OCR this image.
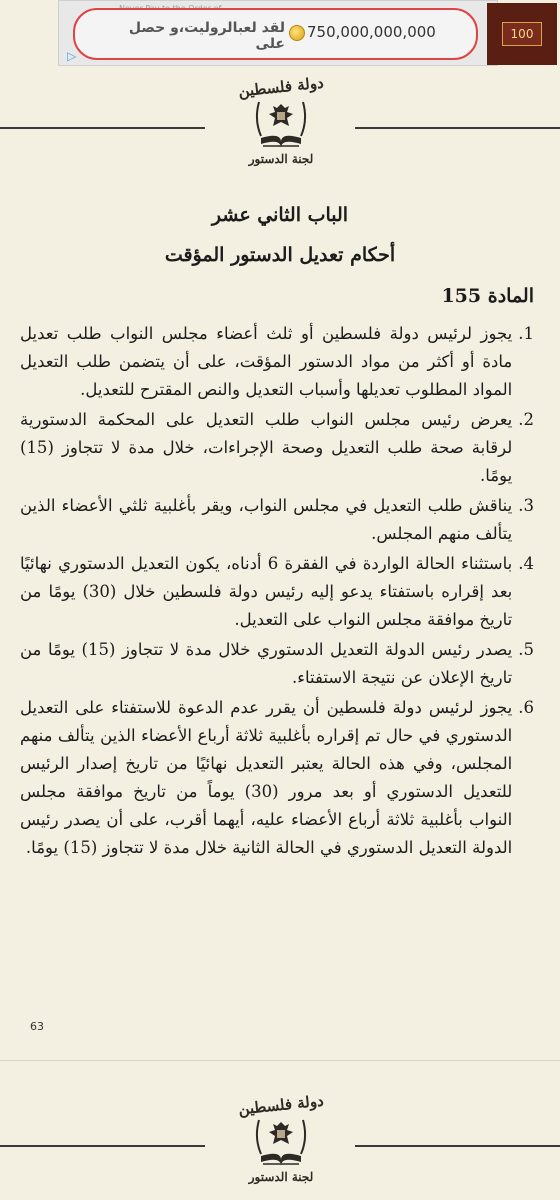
لقد لعبالرولیت،و حصل على
750,000,000,000
▷
100
دولة فلسطين
لجنة الدستور
الباب الثاني عشر
أحكام تعديل الدستور المؤقت
المادة 155
1.
يجوز لرئيس دولة فلسطين أو ثلث أعضاء مجلس النواب طلب تعديل مادة أو أكثر من مواد الدستور المؤقت، على أن يتضمن طلب التعديل المواد المطلوب تعديلها وأسباب التعديل والنص المقترح للتعديل.
2.
يعرض رئيس مجلس النواب طلب التعديل على المحكمة الدستورية لرقابة صحة طلب التعديل وصحة الإجراءات، خلال مدة لا تتجاوز (15) يومًا.
3.
يناقش طلب التعديل في مجلس النواب، ويقر بأغلبية ثلثي الأعضاء الذين يتألف منهم المجلس.
4.
باستثناء الحالة الواردة في الفقرة 6 أدناه، يكون التعديل الدستوري نهائيًا بعد إقراره باستفتاء يدعو إليه رئيس دولة فلسطين خلال (30) يومًا من تاريخ موافقة مجلس النواب على التعديل.
5.
يصدر رئيس الدولة التعديل الدستوري خلال مدة لا تتجاوز (15) يومًا من تاريخ الإعلان عن نتيجة الاستفتاء.
6.
يجوز لرئيس دولة فلسطين أن يقرر عدم الدعوة للاستفتاء على التعديل الدستوري في حال تم إقراره بأغلبية ثلاثة أرباع الأعضاء الذين يتألف منهم المجلس، وفي هذه الحالة يعتبر التعديل نهائيًا من تاريخ إصدار الرئيس للتعديل الدستوري أو بعد مرور (30) يوماً من تاريخ موافقة مجلس النواب بأغلبية ثلاثة أرباع الأعضاء عليه، أيهما أقرب، على أن يصدر رئيس الدولة التعديل الدستوري في الحالة الثانية خلال مدة لا تتجاوز (15) يومًا.
63
دولة فلسطين
لجنة الدستور
